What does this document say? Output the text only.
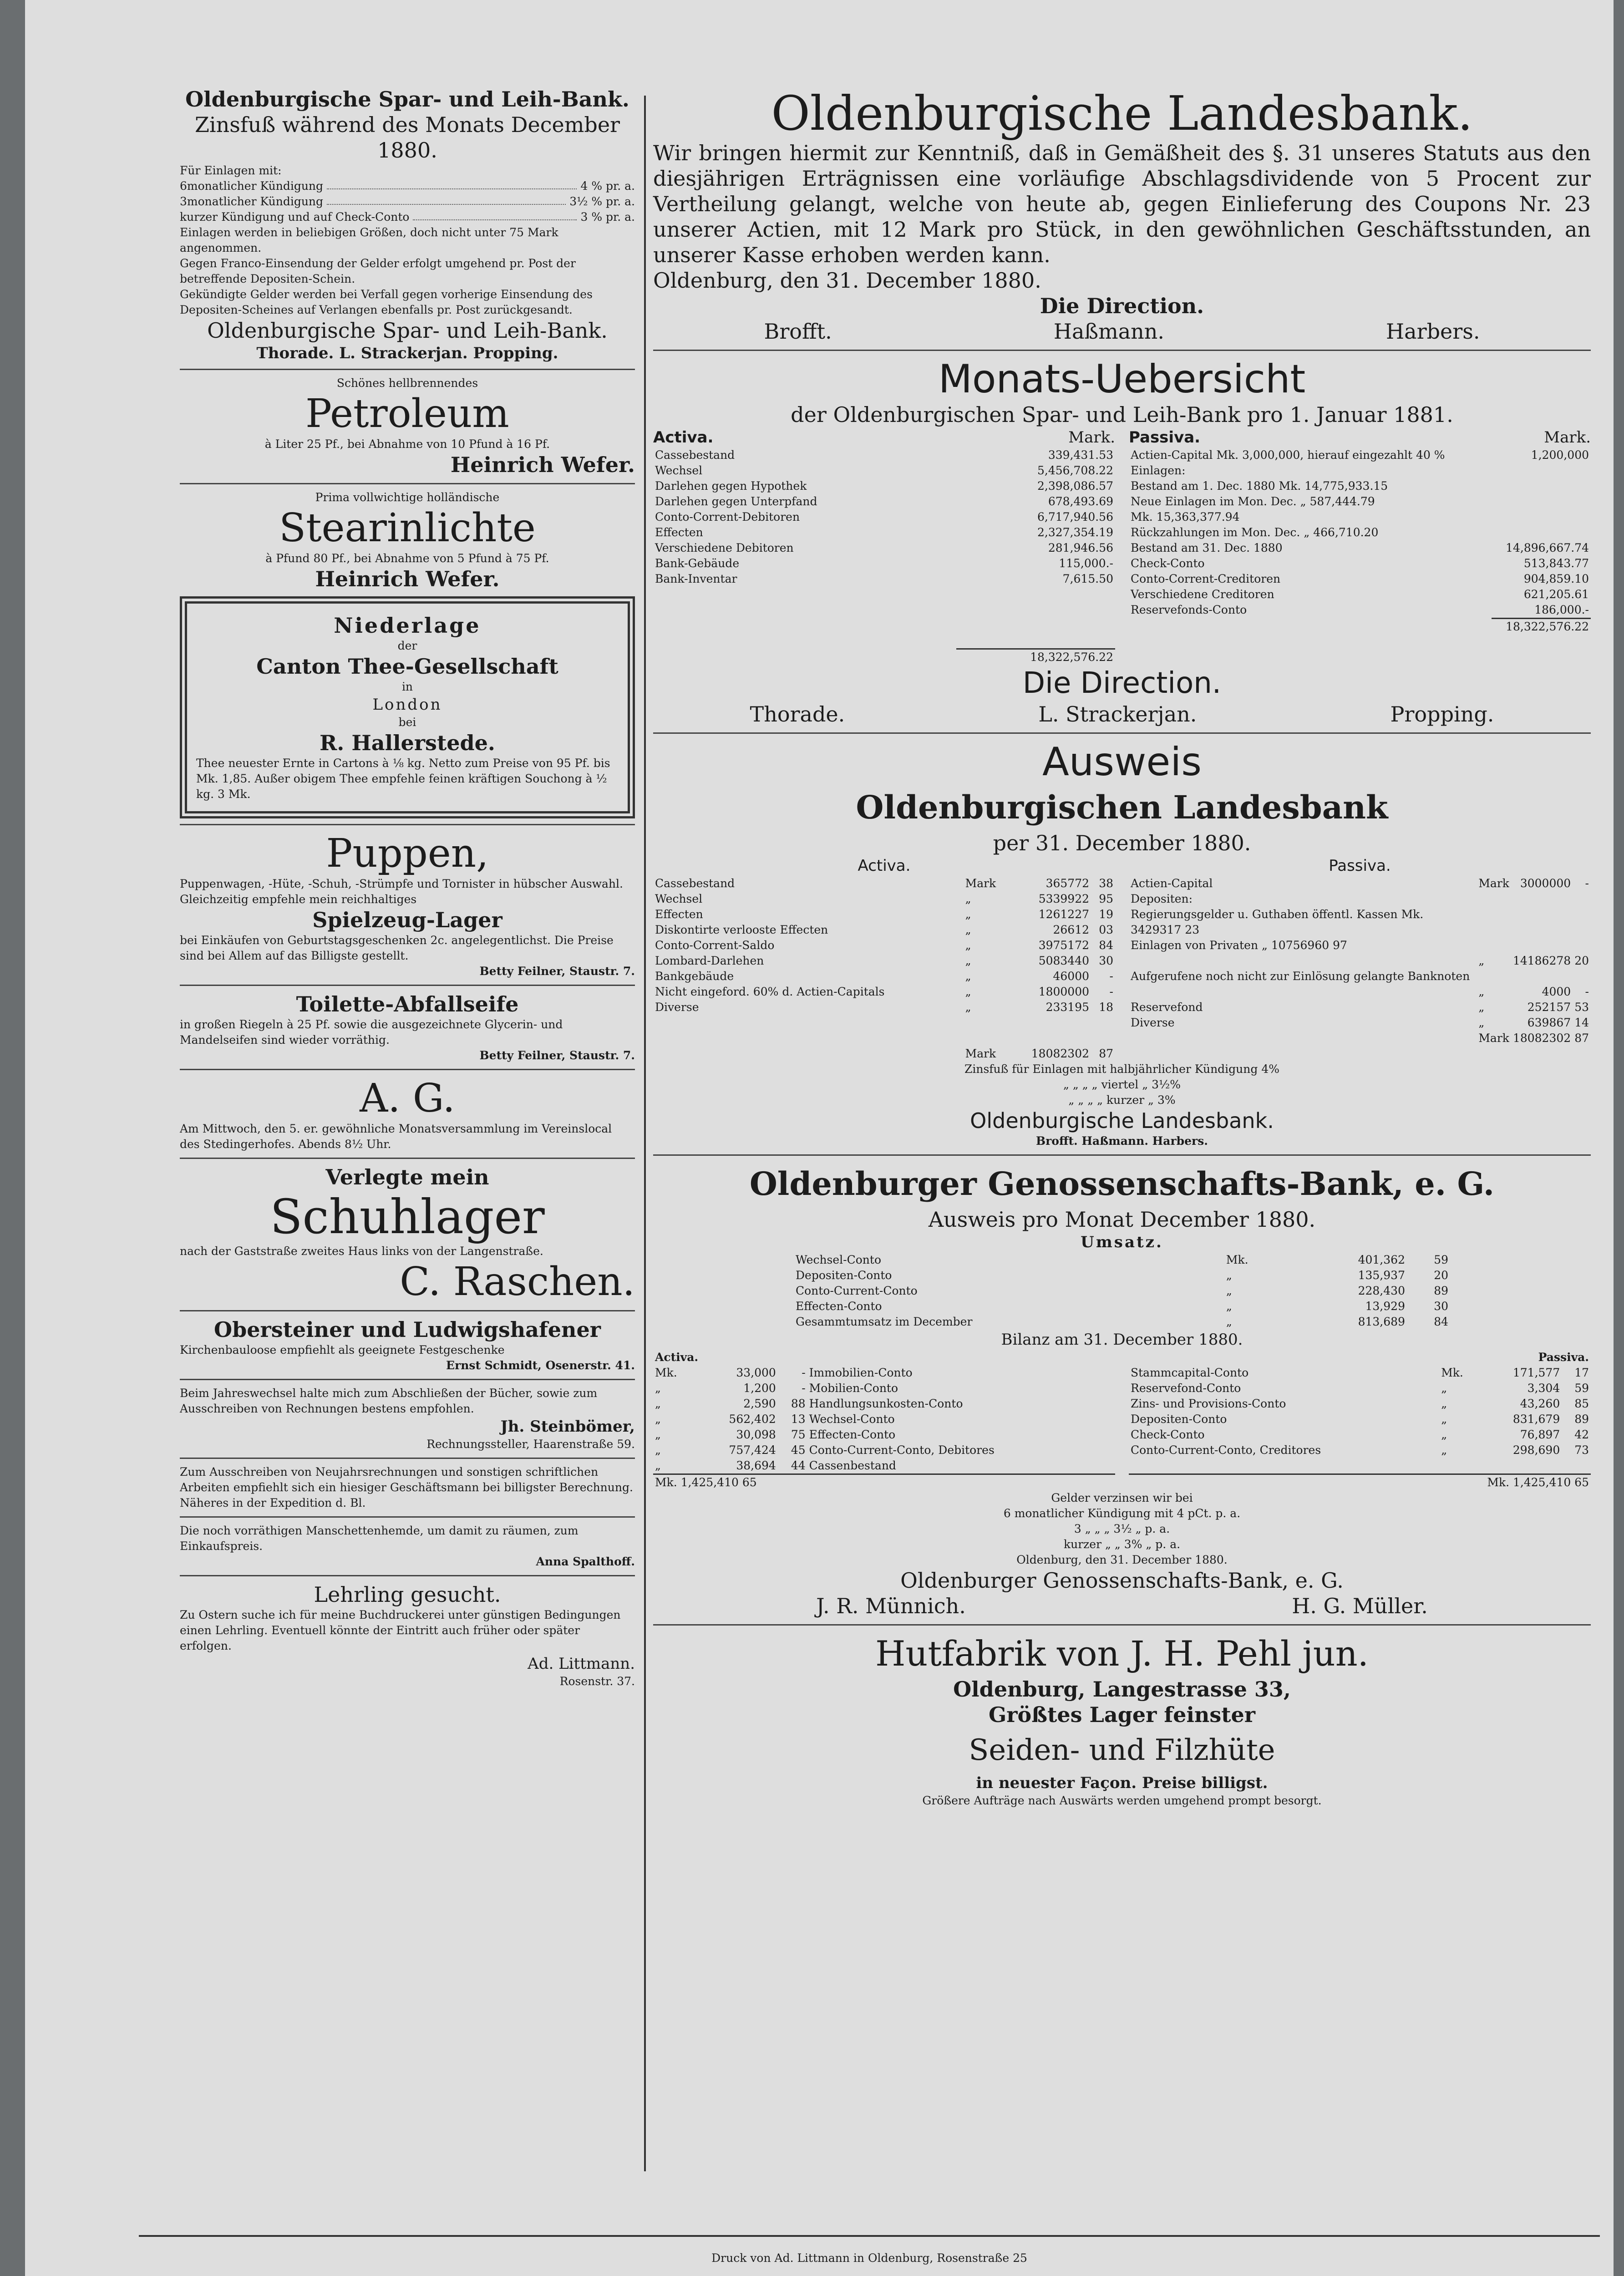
Oldenburgische Spar- und Leih-Bank.
Zinsfuß während des Monats December 1880.
Für Einlagen mit:
6monatlicher Kündigung	4 % pr. a.
3monatlicher Kündigung	3½ % pr. a.
kurzer Kündigung und auf Check-Conto	3 % pr. a.
Einlagen werden in beliebigen Größen, doch nicht unter 75 Mark angenommen.
Gegen Franco-Einsendung der Gelder erfolgt umgehend pr. Post der betreffende Depositen-Schein.
Gekündigte Gelder werden bei Verfall gegen vorherige Einsendung des Depositen-Scheines auf Verlangen ebenfalls pr. Post zurückgesandt.
Oldenburgische Spar- und Leih-Bank.
Thorade. L. Strackerjan. Propping.
Schönes hellbrennendes
Petroleum
à Liter 25 Pf., bei Abnahme von 10 Pfund à 16 Pf.
Heinrich Wefer.
Prima vollwichtige holländische
Stearinlichte
à Pfund 80 Pf., bei Abnahme von 5 Pfund à 75 Pf.
Heinrich Wefer.
Niederlage
der
Canton Thee-Gesellschaft
in
London
bei
R. Hallerstede.
Thee neuester Ernte in Cartons à ⅛ kg. Netto zum Preise von 95 Pf. bis Mk. 1,85. Außer obigem Thee empfehle feinen kräftigen Souchong à ½ kg. 3 Mk.
Puppen,
Puppenwagen, -Hüte, -Schuh, -Strümpfe und Tornister in hübscher Auswahl. Gleichzeitig empfehle mein reichhaltiges
Spielzeug-Lager
bei Einkäufen von Geburtstagsgeschenken 2c. angelegentlichst. Die Preise sind bei Allem auf das Billigste gestellt.
Betty Feilner, Staustr. 7.
Toilette-Abfallseife
in großen Riegeln à 25 Pf. sowie die ausgezeichnete Glycerin- und Mandelseifen sind wieder vorräthig.
Betty Feilner, Staustr. 7.
A. G.
Am Mittwoch, den 5. er. gewöhnliche Monatsversammlung im Vereinslocal des Stedingerhofes. Abends 8½ Uhr.
Verlegte mein
Schuhlager
nach der Gaststraße zweites Haus links von der Langenstraße.
C. Raschen.
Obersteiner und Ludwigshafener
Kirchenbauloose empfiehlt als geeignete Festgeschenke
Ernst Schmidt, Osenerstr. 41.
Beim Jahreswechsel halte mich zum Abschließen der Bücher, sowie zum Ausschreiben von Rechnungen bestens empfohlen.
Jh. Steinbömer,
Rechnungssteller, Haarenstraße 59.
Zum Ausschreiben von Neujahrsrechnungen und sonstigen schriftlichen Arbeiten empfiehlt sich ein hiesiger Geschäftsmann bei billigster Berechnung. Näheres in der Expedition d. Bl.
Die noch vorräthigen Manschettenhemde, um damit zu räumen, zum Einkaufspreis.
Anna Spalthoff.
Lehrling gesucht.
Zu Ostern suche ich für meine Buchdruckerei unter günstigen Bedingungen einen Lehrling. Eventuell könnte der Eintritt auch früher oder später erfolgen.
Ad. Littmann.
Rosenstr. 37.
Oldenburgische Landesbank.
Wir bringen hiermit zur Kenntniß, daß in Gemäßheit des §. 31 unseres Statuts aus den diesjährigen Erträgnissen eine vorläufige Abschlagsdividende von 5 Procent zur Vertheilung gelangt, welche von heute ab, gegen Einlieferung des Coupons Nr. 23 unserer Actien, mit 12 Mark pro Stück, in den gewöhnlichen Geschäftsstunden, an unserer Kasse erhoben werden kann.
Oldenburg, den 31. December 1880.
Die Direction.
Brofft.	Haßmann.	Harbers.
Monats-Uebersicht
der Oldenburgischen Spar- und Leih-Bank pro 1. Januar 1881.
Activa.	Mark.
Cassebestand	339,431.53
Wechsel	5,456,708.22
Darlehen gegen Hypothek	2,398,086.57
Darlehen gegen Unterpfand	678,493.69
Conto-Corrent-Debitoren	6,717,940.56
Effecten	2,327,354.19
Verschiedene Debitoren	281,946.56
Bank-Gebäude	115,000.-
Bank-Inventar	7,615.50

	18,322,576.22
Passiva.	Mark.
Actien-Capital Mk. 3,000,000, hierauf eingezahlt 40 %	1,200,000
Einlagen:	
Bestand am 1. Dec. 1880 Mk. 14,775,933.15	
Neue Einlagen im Mon. Dec. „ 587,444.79	
Mk. 15,363,377.94	
Rückzahlungen im Mon. Dec. „ 466,710.20	
Bestand am 31. Dec. 1880	14,896,667.74
Check-Conto	513,843.77
Conto-Corrent-Creditoren	904,859.10
Verschiedene Creditoren	621,205.61
Reservefonds-Conto	186,000.-

	18,322,576.22
Die Direction.
Thorade.	L. Strackerjan.	Propping.
Ausweis
Oldenburgischen Landesbank
per 31. December 1880.
Activa.
Cassebestand	Mark	365772	38
Wechsel	„	5339922	95
Effecten	„	1261227	19
Diskontirte verlooste Effecten	„	26612	03
Conto-Corrent-Saldo	„	3975172	84
Lombard-Darlehen	„	5083440	30
Bankgebäude	„	46000	-
Nicht eingeford. 60% d. Actien-Capitals	„	1800000	-
Diverse	„	233195	18

	Mark	18082302	87
Passiva.
Actien-Capital	Mark	3000000	-
Depositen:			
Regierungsgelder u. Guthaben öffentl. Kassen Mk. 3429317 23			
Einlagen von Privaten „ 10756960 97			
	„	14186278	20
Aufgerufene noch nicht zur Einlösung gelangte Banknoten			
	„	4000	-
Reservefond	„	252157	53
Diverse	„	639867	14

	Mark	18082302	87
Zinsfuß für Einlagen mit halbjährlicher Kündigung 4%
„ „ „ „ viertel „ 3½%
„ „ „ „ kurzer „ 3%
Oldenburgische Landesbank.
Brofft. Haßmann. Harbers.
Oldenburger Genossenschafts-Bank, e. G.
Ausweis pro Monat December 1880.
Umsatz.
Wechsel-Conto	Mk.	401,362	59
Depositen-Conto	„	135,937	20
Conto-Current-Conto	„	228,430	89
Effecten-Conto	„	13,929	30
Gesammtumsatz im December	„	813,689	84

Bilanz am 31. December 1880.
Activa.			
Mk.	33,000	-	Immobilien-Conto
„	1,200	-	Mobilien-Conto
„	2,590	88	Handlungsunkosten-Conto
„	562,402	13	Wechsel-Conto
„	30,098	75	Effecten-Conto
„	757,424	45	Conto-Current-Conto, Debitores
„	38,694	44	Cassenbestand

Mk. 1,425,410 65			
	Passiva.		
Stammcapital-Conto	Mk.	171,577	17
Reservefond-Conto	„	3,304	59
Zins- und Provisions-Conto	„	43,260	85
Depositen-Conto	„	831,679	89
Check-Conto	„	76,897	42
Conto-Current-Conto, Creditores	„	298,690	73

Mk. 1,425,410 65			
Gelder verzinsen wir bei
6 monatlicher Kündigung mit 4 pCt. p. a.
3 „ „ „ 3½ „ p. a.
kurzer „ „ 3% „ p. a.
Oldenburg, den 31. December 1880.
Oldenburger Genossenschafts-Bank, e. G.
J. R. Münnich.	H. G. Müller.
Hutfabrik von J. H. Pehl jun.
Oldenburg, Langestrasse 33,
Größtes Lager feinster
Seiden- und Filzhüte
in neuester Façon. Preise billigst.
Größere Aufträge nach Auswärts werden umgehend prompt besorgt.
Druck von Ad. Littmann in Oldenburg, Rosenstraße 25
